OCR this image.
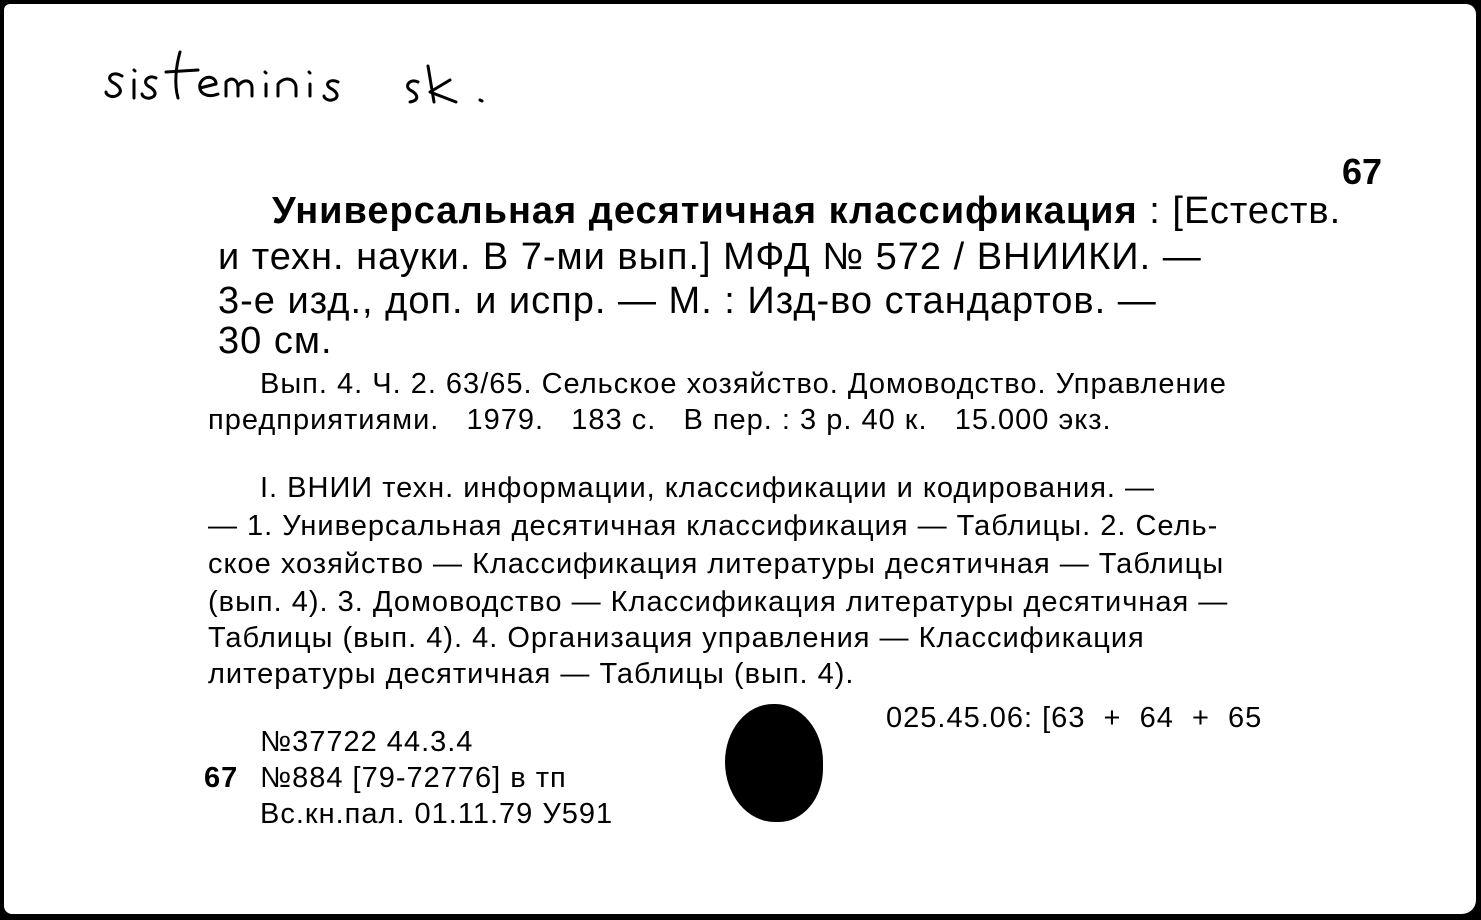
67
Универсальная десятичная классификация : [Естеств.
и техн. науки. В 7-ми вып.] МФД № 572 / ВНИИКИ. —
3-е изд., доп. и испр. — М. : Изд-во стандартов. —
30 см.
Вып. 4. Ч. 2. 63/65. Сельское хозяйство. Домоводство. Управление
предприятиями.   1979.   183 с.   В пер. : 3 р. 40 к.   15.000 экз.
I. ВНИИ техн. информации, классификации и кодирования. —
— 1. Универсальная десятичная классификация — Таблицы. 2. Сель-
ское хозяйство — Классификация литературы десятичная — Таблицы
(вып. 4). 3. Домоводство — Классификация литературы десятичная —
Таблицы (вып. 4). 4. Организация управления — Классификация
литературы десятичная — Таблицы (вып. 4).
025.45.06: [63  +  64  +  65
№37722 44.3.4
67 №884 [79-72776] в тп
Вс.кн.пал. 01.11.79 У591
